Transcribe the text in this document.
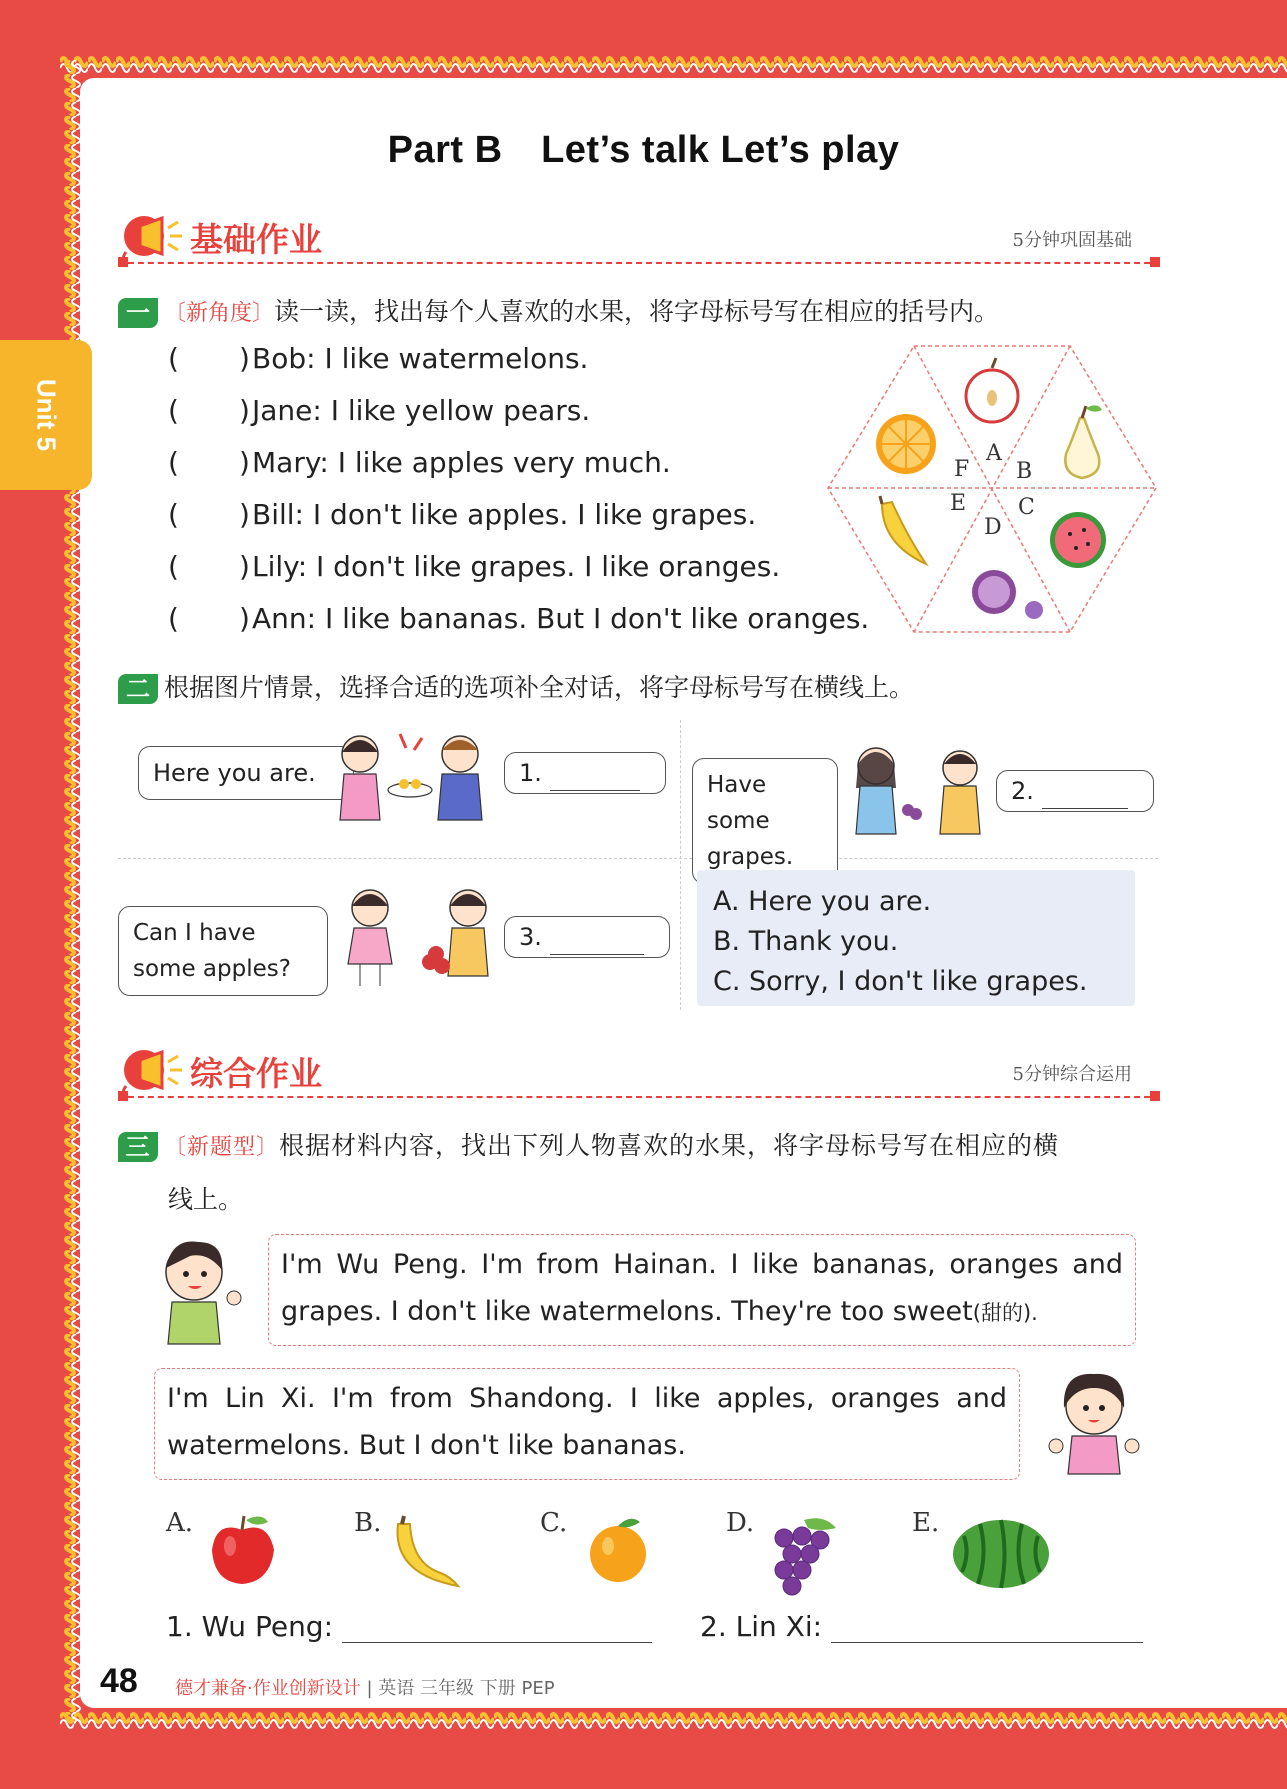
Unit 5
Part B　Let’s talk Let’s play
基础作业	5分钟巩固基础
一 〔新角度〕读一读，找出每个人喜欢的水果，将字母标号写在相应的括号内。
( )Bob: I like watermelons.
( )Jane: I like yellow pears.
( )Mary: I like apples very much.
( )Bill: I don't like apples. I like grapes.
( )Lily: I don't like grapes. I like oranges.
( )Ann: I like bananas. But I don't like oranges.
A
B
C
D
E
F
二 根据图片情景，选择合适的选项补全对话，将字母标号写在横线上。
Here you are.	1.	Have some grapes.
2.
Can I have some apples?
3.
A. Here you are.
B. Thank you.
C. Sorry, I don't like grapes.
综合作业	5分钟综合运用
三 〔新题型〕根据材料内容，找出下列人物喜欢的水果，将字母标号写在相应的横
线上。
I'm Wu Peng. I'm from Hainan. I like bananas, oranges and grapes. I don't like watermelons. They're too sweet(甜的).
I'm Lin Xi. I'm from Shandong. I like apples, oranges and watermelons. But I don't like bananas.
A.	B.	C.	D.	E.
1. Wu Peng:	2. Lin Xi:
48 德才兼备·作业创新设计 | 英语 三年级 下册 PEP
